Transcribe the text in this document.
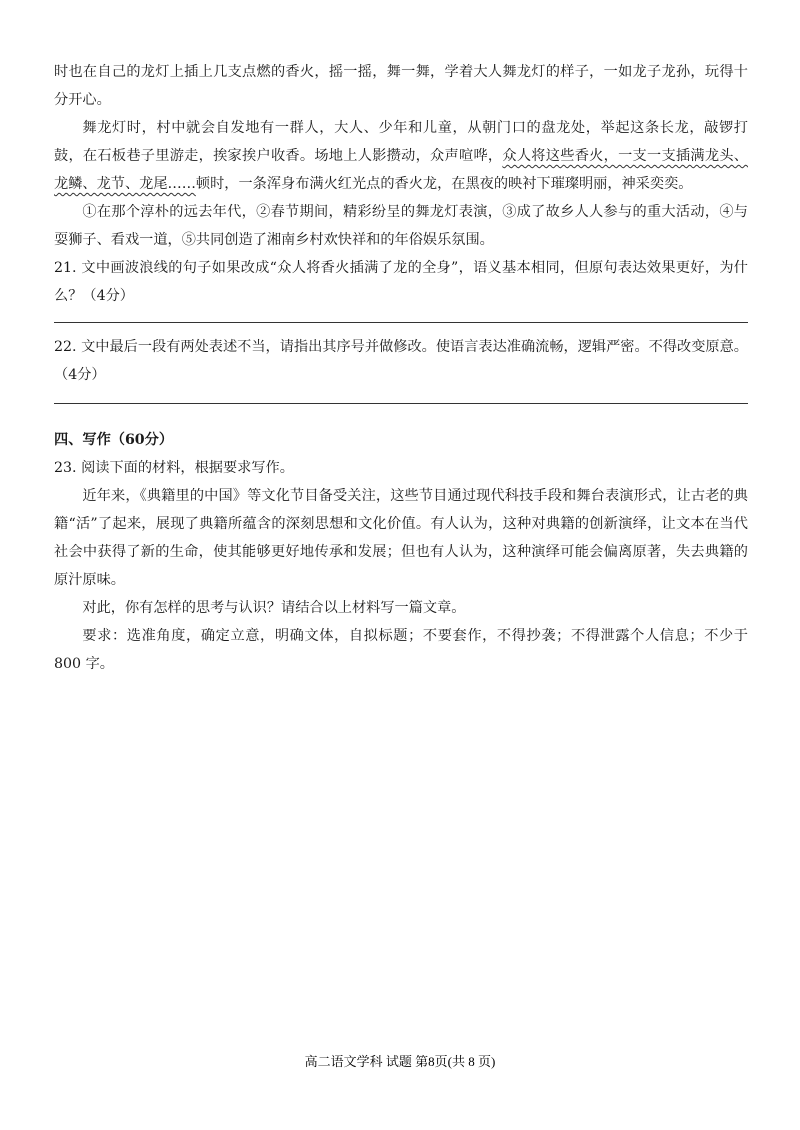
时也在自己的龙灯上插上几支点燃的香火，摇一摇，舞一舞，学着大人舞龙灯的样子，一如龙子龙孙，玩得十分开心。

舞龙灯时，村中就会自发地有一群人，大人、少年和儿童，从朝门口的盘龙处，举起这条长龙，敲锣打鼓，在石板巷子里游走，挨家挨户收香。场地上人影攒动，众声喧哗，众人将这些香火，一支一支插满龙头、龙鳞、龙节、龙尾……顿时，一条浑身布满火红光点的香火龙，在黑夜的映衬下璀璨明丽，神采奕奕。

①在那个淳朴的远去年代，②春节期间，精彩纷呈的舞龙灯表演，③成了故乡人人参与的重大活动，④与耍狮子、看戏一道，⑤共同创造了湘南乡村欢快祥和的年俗娱乐氛围。

21. 文中画波浪线的句子如果改成“众人将香火插满了龙的全身”，语义基本相同，但原句表达效果更好，为什么？（4分）

22. 文中最后一段有两处表述不当，请指出其序号并做修改。使语言表达准确流畅，逻辑严密。不得改变原意。（4分）

四、写作（60分）

23. 阅读下面的材料，根据要求写作。

近年来，《典籍里的中国》等文化节目备受关注，这些节目通过现代科技手段和舞台表演形式，让古老的典籍“活”了起来，展现了典籍所蕴含的深刻思想和文化价值。有人认为，这种对典籍的创新演绎，让文本在当代社会中获得了新的生命，使其能够更好地传承和发展；但也有人认为，这种演绎可能会偏离原著，失去典籍的原汁原味。

对此，你有怎样的思考与认识？请结合以上材料写一篇文章。

要求：选准角度，确定立意，明确文体，自拟标题；不要套作，不得抄袭；不得泄露个人信息；不少于 800 字。

高二语文学科 试题 第8页(共 8 页)
